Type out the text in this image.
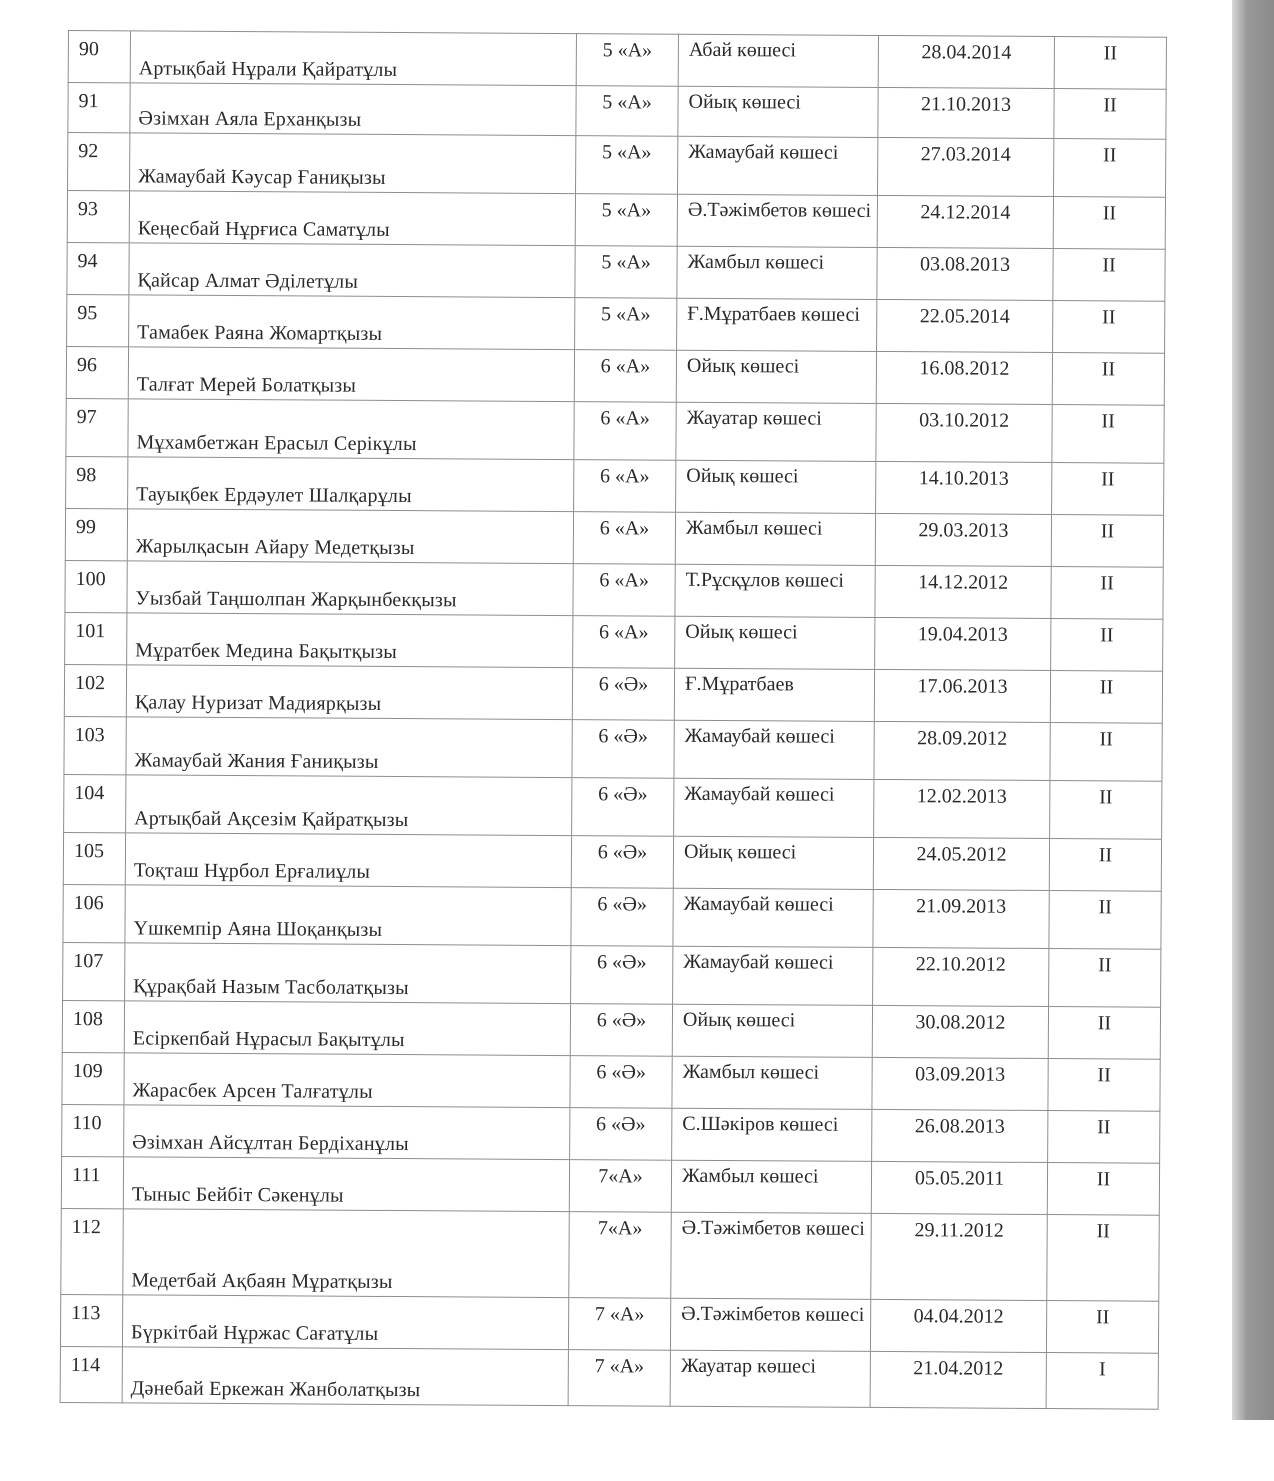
90	Артықбай Нұрали Қайратұлы	5 «А»	Абай көшесі	28.04.2014	II
91	Әзімхан Аяла Ерханқызы	5 «А»	Ойық көшесі	21.10.2013	II
92	Жамаубай Кәусар Ғаниқызы	5 «А»	Жамаубай көшесі	27.03.2014	II
93	Кеңесбай Нұрғиса Саматұлы	5 «А»	Ә.Тәжімбетов көшесі	24.12.2014	II
94	Қайсар Алмат Әділетұлы	5 «А»	Жамбыл көшесі	03.08.2013	II
95	Тамабек Раяна Жомартқызы	5 «А»	Ғ.Мұратбаев көшесі	22.05.2014	II
96	Талғат Мерей Болатқызы	6 «А»	Ойық көшесі	16.08.2012	II
97	Мұхамбетжан Ерасыл Серікұлы	6 «А»	Жауатар көшесі	03.10.2012	II
98	Тауықбек Ердәулет Шалқарұлы	6 «А»	Ойық көшесі	14.10.2013	II
99	Жарылқасын Айару Медетқызы	6 «А»	Жамбыл көшесі	29.03.2013	II
100	Уызбай Таңшолпан Жарқынбекқызы	6 «А»	Т.Рұсқұлов көшесі	14.12.2012	II
101	Мұратбек Медина Бақытқызы	6 «А»	Ойық көшесі	19.04.2013	II
102	Қалау Нуризат Мадиярқызы	6 «Ә»	Ғ.Мұратбаев	17.06.2013	II
103	Жамаубай Жания Ғаниқызы	6 «Ә»	Жамаубай көшесі	28.09.2012	II
104	Артықбай Ақсезім Қайратқызы	6 «Ә»	Жамаубай көшесі	12.02.2013	II
105	Тоқташ Нұрбол Ерғалиұлы	6 «Ә»	Ойық көшесі	24.05.2012	II
106	Үшкемпір Аяна Шоқанқызы	6 «Ә»	Жамаубай көшесі	21.09.2013	II
107	Құрақбай Назым Тасболатқызы	6 «Ә»	Жамаубай көшесі	22.10.2012	II
108	Есіркепбай Нұрасыл Бақытұлы	6 «Ә»	Ойық көшесі	30.08.2012	II
109	Жарасбек Арсен Талғатұлы	6 «Ә»	Жамбыл көшесі	03.09.2013	II
110	Әзімхан Айсұлтан Бердіханұлы	6 «Ә»	С.Шәкіров көшесі	26.08.2013	II
111	Тыныс Бейбіт Сәкенұлы	7«А»	Жамбыл көшесі	05.05.2011	II
112	Медетбай Ақбаян Мұратқызы	7«А»	Ә.Тәжімбетов көшесі	29.11.2012	II
113	Бүркітбай Нұржас Сағатұлы	7 «А»	Ә.Тәжімбетов көшесі	04.04.2012	II
114	Дәнебай Еркежан Жанболатқызы	7 «А»	Жауатар көшесі	21.04.2012	I
